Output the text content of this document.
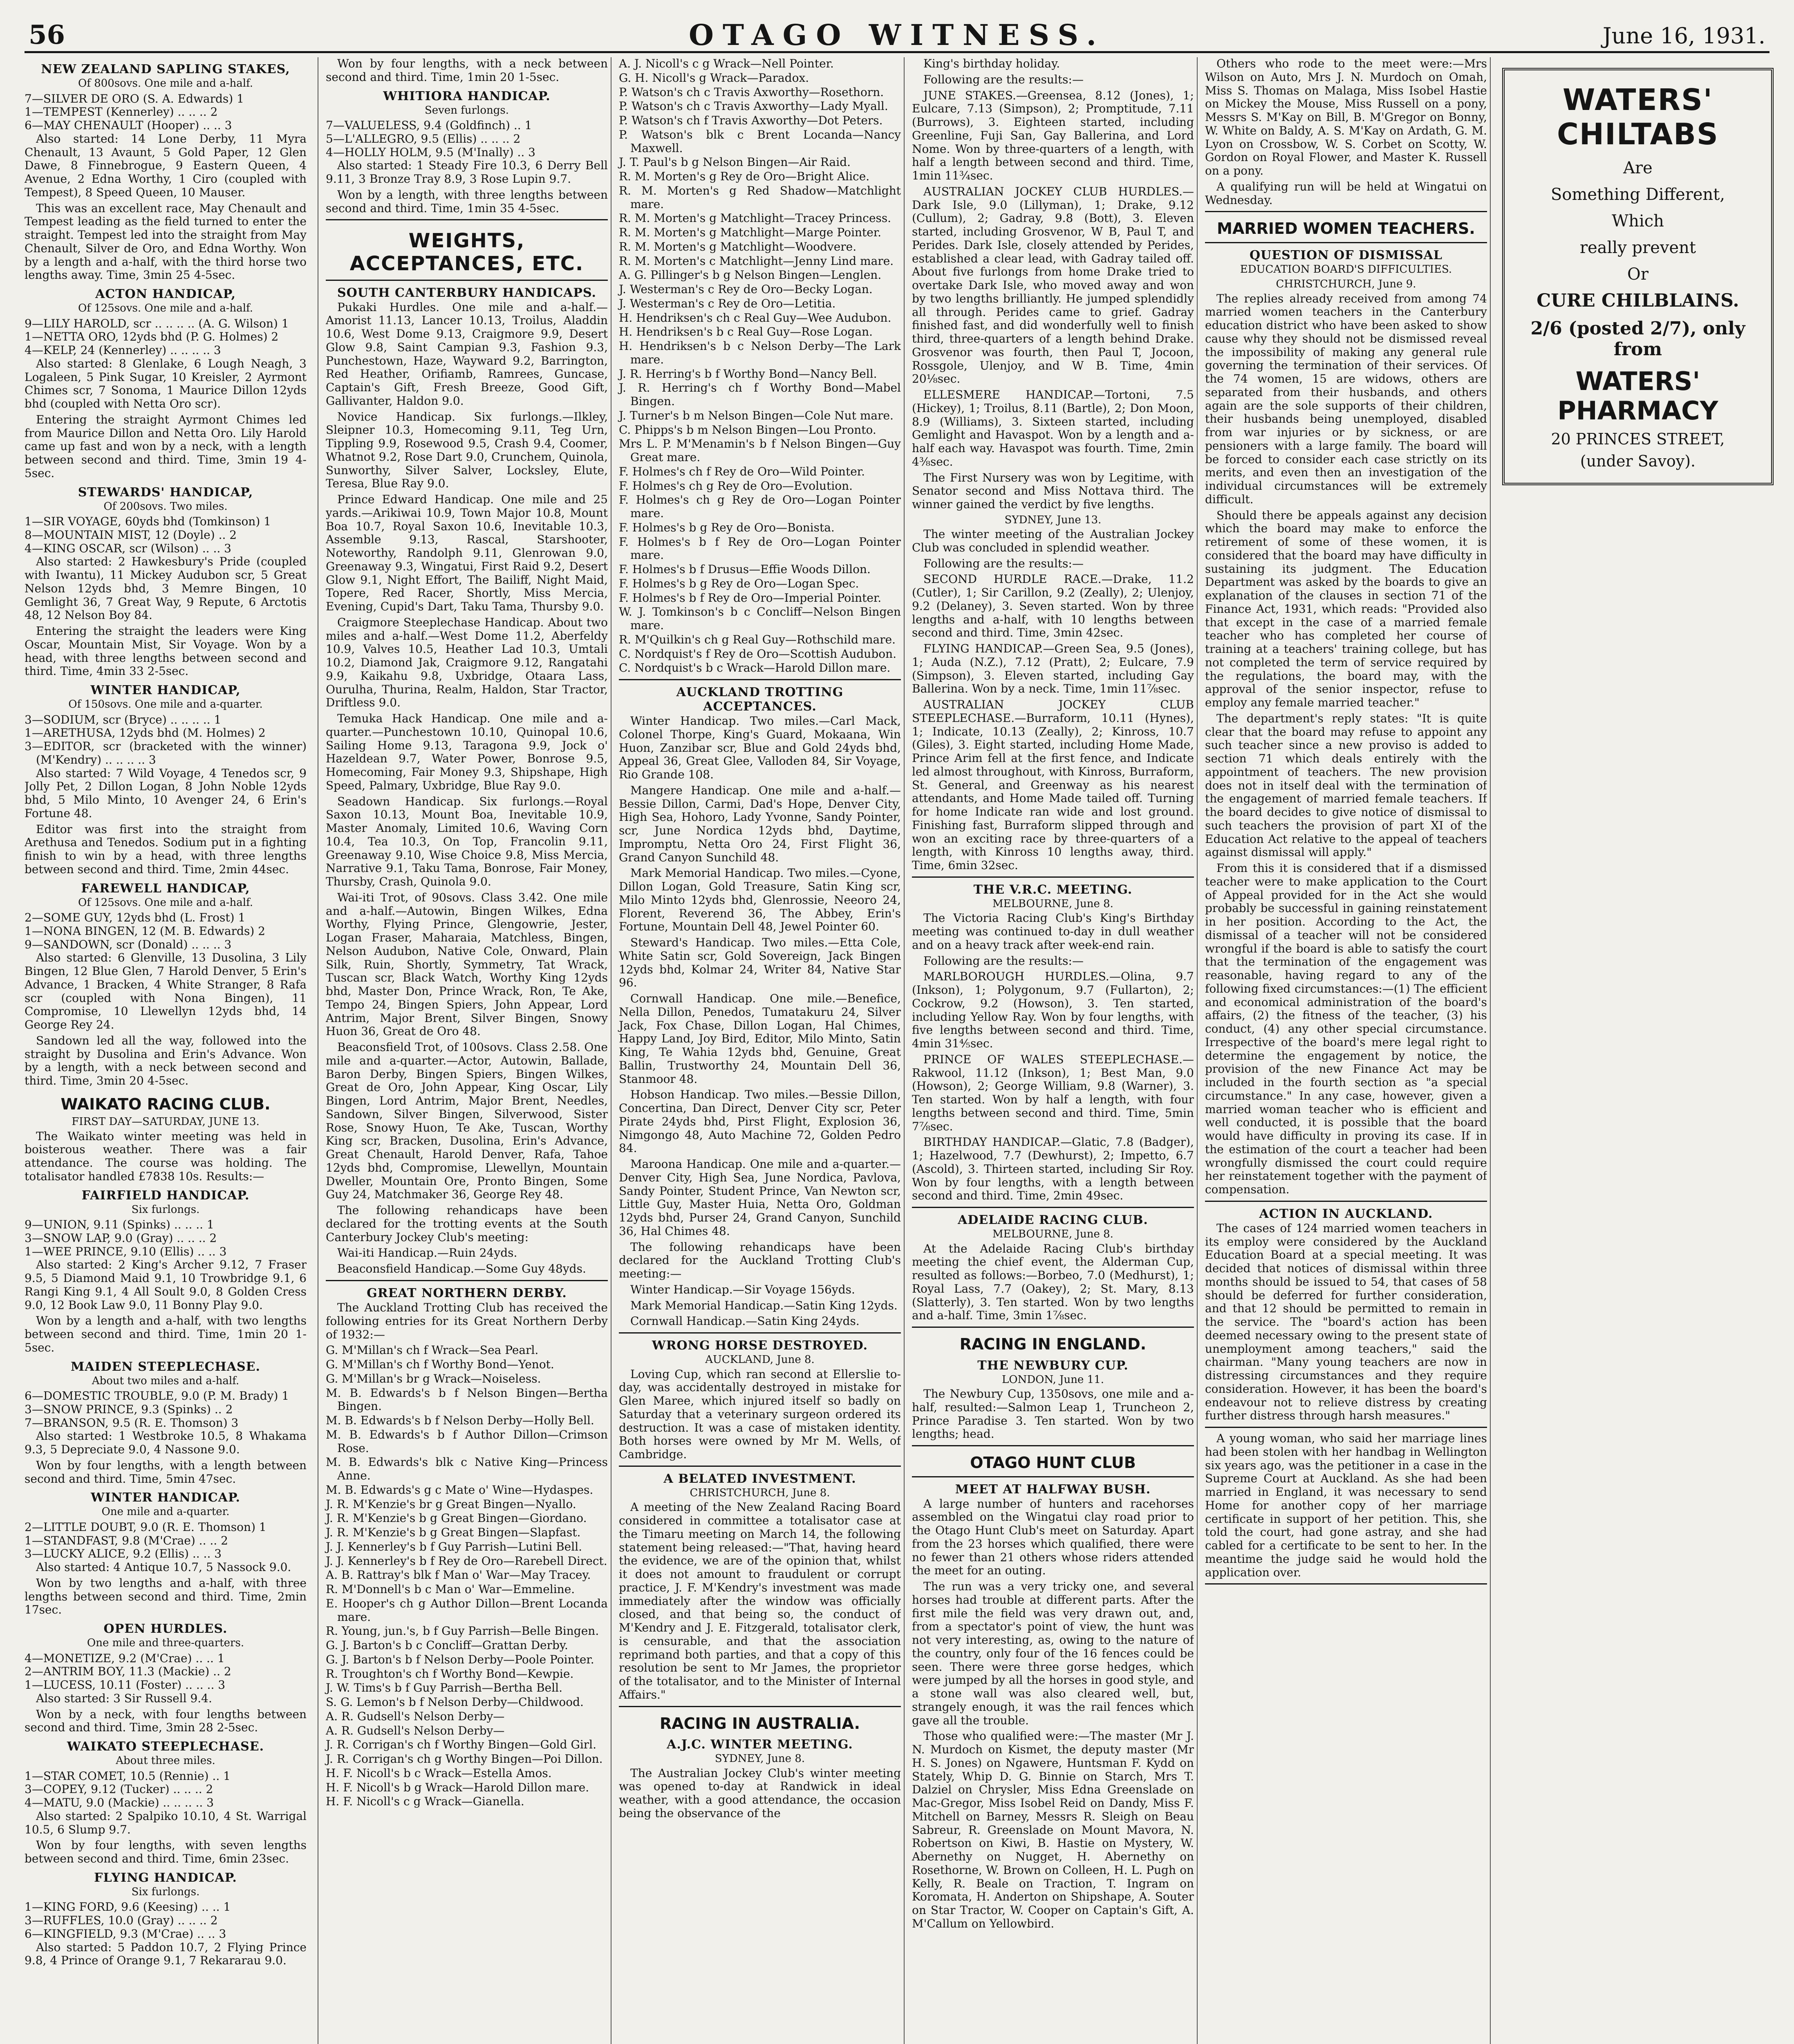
56	OTAGO WITNESS.	June 16, 1931.
NEW ZEALAND SAPLING STAKES,
Of 800sovs. One mile and a-half.
7—SILVER DE ORO (S. A. Edwards) 1
1—TEMPEST (Kennerley) .. .. .. 2
6—MAY CHENAULT (Hooper) .. .. 3

Also started: 14 Lone Derby, 11 Myra Chenault, 13 Avaunt, 5 Gold Paper, 12 Glen Dawe, 8 Finnebrogue, 9 Eastern Queen, 4 Avenue, 2 Edna Worthy, 1 Ciro (coupled with Tempest), 8 Speed Queen, 10 Mauser.

This was an excellent race, May Chenault and Tempest leading as the field turned to enter the straight. Tempest led into the straight from May Chenault, Silver de Oro, and Edna Worthy. Won by a length and a-half, with the third horse two lengths away. Time, 3min 25 4-5sec.

ACTON HANDICAP,
Of 125sovs. One mile and a-half.
9—LILY HAROLD, scr .. .. .. .. (A. G. Wilson) 1
1—NETTA ORO, 12yds bhd (P. G. Holmes) 2
4—KELP, 24 (Kennerley) .. .. .. .. 3

Also started: 8 Glenlake, 6 Lough Neagh, 3 Logaleen, 5 Pink Sugar, 10 Kreisler, 2 Ayrmont Chimes scr, 7 Sonoma, 1 Maurice Dillon 12yds bhd (coupled with Netta Oro scr).

Entering the straight Ayrmont Chimes led from Maurice Dillon and Netta Oro. Lily Harold came up fast and won by a neck, with a length between second and third. Time, 3min 19 4-5sec.

STEWARDS' HANDICAP,
Of 200sovs. Two miles.
1—SIR VOYAGE, 60yds bhd (Tomkinson) 1
8—MOUNTAIN MIST, 12 (Doyle) .. 2
4—KING OSCAR, scr (Wilson) .. .. 3

Also started: 2 Hawkesbury's Pride (coupled with Iwantu), 11 Mickey Audubon scr, 5 Great Nelson 12yds bhd, 3 Memre Bingen, 10 Gemlight 36, 7 Great Way, 9 Repute, 6 Arctotis 48, 12 Nelson Boy 84.

Entering the straight the leaders were King Oscar, Mountain Mist, Sir Voyage. Won by a head, with three lengths between second and third. Time, 4min 33 2-5sec.

WINTER HANDICAP,
Of 150sovs. One mile and a-quarter.
3—SODIUM, scr (Bryce) .. .. .. .. 1
1—ARETHUSA, 12yds bhd (M. Holmes) 2
3—EDITOR, scr (bracketed with the winner) (M'Kendry) .. .. .. .. 3

Also started: 7 Wild Voyage, 4 Tenedos scr, 9 Jolly Pet, 2 Dillon Logan, 8 John Noble 12yds bhd, 5 Milo Minto, 10 Avenger 24, 6 Erin's Fortune 48.

Editor was first into the straight from Arethusa and Tenedos. Sodium put in a fighting finish to win by a head, with three lengths between second and third. Time, 2min 44sec.

FAREWELL HANDICAP,
Of 125sovs. One mile and a-half.
2—SOME GUY, 12yds bhd (L. Frost) 1
1—NONA BINGEN, 12 (M. B. Edwards) 2
9—SANDOWN, scr (Donald) .. .. .. 3

Also started: 6 Glenville, 13 Dusolina, 3 Lily Bingen, 12 Blue Glen, 7 Harold Denver, 5 Erin's Advance, 1 Bracken, 4 White Stranger, 8 Rafa scr (coupled with Nona Bingen), 11 Compromise, 10 Llewellyn 12yds bhd, 14 George Rey 24.

Sandown led all the way, followed into the straight by Dusolina and Erin's Advance. Won by a length, with a neck between second and third. Time, 3min 20 4-5sec.

WAIKATO RACING CLUB.
FIRST DAY—SATURDAY, JUNE 13.

The Waikato winter meeting was held in boisterous weather. There was a fair attendance. The course was holding. The totalisator handled £7838 10s. Results:—

FAIRFIELD HANDICAP.
Six furlongs.
9—UNION, 9.11 (Spinks) .. .. .. 1
3—SNOW LAP, 9.0 (Gray) .. .. .. 2
1—WEE PRINCE, 9.10 (Ellis) .. .. 3

Also started: 2 King's Archer 9.12, 7 Fraser 9.5, 5 Diamond Maid 9.1, 10 Trowbridge 9.1, 6 Rangi King 9.1, 4 All Soult 9.0, 8 Golden Cress 9.0, 12 Book Law 9.0, 11 Bonny Play 9.0.

Won by a length and a-half, with two lengths between second and third. Time, 1min 20 1-5sec.

MAIDEN STEEPLECHASE.
About two miles and a-half.
6—DOMESTIC TROUBLE, 9.0 (P. M. Brady) 1
3—SNOW PRINCE, 9.3 (Spinks) .. 2
7—BRANSON, 9.5 (R. E. Thomson) 3

Also started: 1 Westbroke 10.5, 8 Whakama 9.3, 5 Depreciate 9.0, 4 Nassone 9.0.

Won by four lengths, with a length between second and third. Time, 5min 47sec.

WINTER HANDICAP.
One mile and a-quarter.
2—LITTLE DOUBT, 9.0 (R. E. Thomson) 1
1—STANDFAST, 9.8 (M'Crae) .. .. 2
3—LUCKY ALICE, 9.2 (Ellis) .. .. 3

Also started: 4 Antique 10.7, 5 Nassock 9.0.

Won by two lengths and a-half, with three lengths between second and third. Time, 2min 17sec.

OPEN HURDLES.
One mile and three-quarters.
4—MONETIZE, 9.2 (M'Crae) .. .. 1
2—ANTRIM BOY, 11.3 (Mackie) .. 2
1—LUCESS, 10.11 (Foster) .. .. .. 3

Also started: 3 Sir Russell 9.4.

Won by a neck, with four lengths between second and third. Time, 3min 28 2-5sec.

WAIKATO STEEPLECHASE.
About three miles.
1—STAR COMET, 10.5 (Rennie) .. 1
3—COPEY, 9.12 (Tucker) .. .. .. 2
4—MATU, 9.0 (Mackie) .. .. .. .. 3

Also started: 2 Spalpiko 10.10, 4 St. Warrigal 10.5, 6 Slump 9.7.

Won by four lengths, with seven lengths between second and third. Time, 6min 23sec.

FLYING HANDICAP.
Six furlongs.
1—KING FORD, 9.6 (Keesing) .. .. 1
3—RUFFLES, 10.0 (Gray) .. .. .. 2
6—KINGFIELD, 9.3 (M'Crae) .. .. 3

Also started: 5 Paddon 10.7, 2 Flying Prince 9.8, 4 Prince of Orange 9.1, 7 Rekararau 9.0.

Won by four lengths, with a neck between second and third. Time, 1min 20 1-5sec.

WHITIORA HANDICAP.
Seven furlongs.
7—VALUELESS, 9.4 (Goldfinch) .. 1
5—L'ALLEGRO, 9.5 (Ellis) .. .. .. 2
4—HOLLY HOLM, 9.5 (M'Inally) .. 3

Also started: 1 Steady Fire 10.3, 6 Derry Bell 9.11, 3 Bronze Tray 8.9, 3 Rose Lupin 9.7.

Won by a length, with three lengths between second and third. Time, 1min 35 4-5sec.

WEIGHTS, ACCEPTANCES, ETC.
SOUTH CANTERBURY HANDICAPS.

Pukaki Hurdles. One mile and a-half.—Amorist 11.13, Lancer 10.13, Troilus, Aladdin 10.6, West Dome 9.13, Craigmore 9.9, Desert Glow 9.8, Saint Campian 9.3, Fashion 9.3, Punchestown, Haze, Wayward 9.2, Barrington, Red Heather, Orifiamb, Ramrees, Guncase, Captain's Gift, Fresh Breeze, Good Gift, Gallivanter, Haldon 9.0.

Novice Handicap. Six furlongs.—Ilkley, Sleipner 10.3, Homecoming 9.11, Teg Urn, Tippling 9.9, Rosewood 9.5, Crash 9.4, Coomer, Whatnot 9.2, Rose Dart 9.0, Crunchem, Quinola, Sunworthy, Silver Salver, Locksley, Elute, Teresa, Blue Ray 9.0.

Prince Edward Handicap. One mile and 25 yards.—Arikiwai 10.9, Town Major 10.8, Mount Boa 10.7, Royal Saxon 10.6, Inevitable 10.3, Assemble 9.13, Rascal, Starshooter, Noteworthy, Randolph 9.11, Glenrowan 9.0, Greenaway 9.3, Wingatui, First Raid 9.2, Desert Glow 9.1, Night Effort, The Bailiff, Night Maid, Topere, Red Racer, Shortly, Miss Mercia, Evening, Cupid's Dart, Taku Tama, Thursby 9.0.

Craigmore Steeplechase Handicap. About two miles and a-half.—West Dome 11.2, Aberfeldy 10.9, Valves 10.5, Heather Lad 10.3, Umtali 10.2, Diamond Jak, Craigmore 9.12, Rangatahi 9.9, Kaikahu 9.8, Uxbridge, Otaara Lass, Ourulha, Thurina, Realm, Haldon, Star Tractor, Driftless 9.0.

Temuka Hack Handicap. One mile and a-quarter.—Punchestown 10.10, Quinopal 10.6, Sailing Home 9.13, Taragona 9.9, Jock o' Hazeldean 9.7, Water Power, Bonrose 9.5, Homecoming, Fair Money 9.3, Shipshape, High Speed, Palmary, Uxbridge, Blue Ray 9.0.

Seadown Handicap. Six furlongs.—Royal Saxon 10.13, Mount Boa, Inevitable 10.9, Master Anomaly, Limited 10.6, Waving Corn 10.4, Tea 10.3, On Top, Francolin 9.11, Greenaway 9.10, Wise Choice 9.8, Miss Mercia, Narrative 9.1, Taku Tama, Bonrose, Fair Money, Thursby, Crash, Quinola 9.0.

Wai-iti Trot, of 90sovs. Class 3.42. One mile and a-half.—Autowin, Bingen Wilkes, Edna Worthy, Flying Prince, Glengowrie, Jester, Logan Fraser, Maharaia, Matchless, Bingen, Nelson Audubon, Native Cole, Onward, Plain Silk, Ruin, Shortly, Symmetry, Tat Wrack, Tuscan scr, Black Watch, Worthy King 12yds bhd, Master Don, Prince Wrack, Ron, Te Ake, Tempo 24, Bingen Spiers, John Appear, Lord Antrim, Major Brent, Silver Bingen, Snowy Huon 36, Great de Oro 48.

Beaconsfield Trot, of 100sovs. Class 2.58. One mile and a-quarter.—Actor, Autowin, Ballade, Baron Derby, Bingen Spiers, Bingen Wilkes, Great de Oro, John Appear, King Oscar, Lily Bingen, Lord Antrim, Major Brent, Needles, Sandown, Silver Bingen, Silverwood, Sister Rose, Snowy Huon, Te Ake, Tuscan, Worthy King scr, Bracken, Dusolina, Erin's Advance, Great Chenault, Harold Denver, Rafa, Tahoe 12yds bhd, Compromise, Llewellyn, Mountain Dweller, Mountain Ore, Pronto Bingen, Some Guy 24, Matchmaker 36, George Rey 48.

The following rehandicaps have been declared for the trotting events at the South Canterbury Jockey Club's meeting:

Wai-iti Handicap.—Ruin 24yds.

Beaconsfield Handicap.—Some Guy 48yds.

GREAT NORTHERN DERBY.

The Auckland Trotting Club has received the following entries for its Great Northern Derby of 1932:—

G. M'Millan's ch f Wrack—Sea Pearl.

G. M'Millan's ch f Worthy Bond—Yenot.

G. M'Millan's br g Wrack—Noiseless.

M. B. Edwards's b f Nelson Bingen—Bertha Bingen.

M. B. Edwards's b f Nelson Derby—Holly Bell.

M. B. Edwards's b f Author Dillon—Crimson Rose.

M. B. Edwards's blk c Native King—Princess Anne.

M. B. Edwards's g c Mate o' Wine—Hydaspes.

J. R. M'Kenzie's br g Great Bingen—Nyallo.

J. R. M'Kenzie's b g Great Bingen—Giordano.

J. R. M'Kenzie's b g Great Bingen—Slapfast.

J. J. Kennerley's b f Guy Parrish—Lutini Bell.

J. J. Kennerley's b f Rey de Oro—Rarebell Direct.

A. B. Rattray's blk f Man o' War—May Tracey.

R. M'Donnell's b c Man o' War—Emmeline.

E. Hooper's ch g Author Dillon—Brent Locanda mare.

R. Young, jun.'s, b f Guy Parrish—Belle Bingen.

G. J. Barton's b c Concliff—Grattan Derby.

G. J. Barton's b f Nelson Derby—Poole Pointer.

R. Troughton's ch f Worthy Bond—Kewpie.

J. W. Tims's b f Guy Parrish—Bertha Bell.

S. G. Lemon's b f Nelson Derby—Childwood.

A. R. Gudsell's Nelson Derby—

A. R. Gudsell's Nelson Derby—

J. R. Corrigan's ch f Worthy Bingen—Gold Girl.

J. R. Corrigan's ch g Worthy Bingen—Poi Dillon.

H. F. Nicoll's b c Wrack—Estella Amos.

H. F. Nicoll's b g Wrack—Harold Dillon mare.

H. F. Nicoll's c g Wrack—Gianella.

A. J. Nicoll's c g Wrack—Nell Pointer.

G. H. Nicoll's g Wrack—Paradox.

P. Watson's ch c Travis Axworthy—Rosethorn.

P. Watson's ch c Travis Axworthy—Lady Myall.

P. Watson's ch f Travis Axworthy—Dot Peters.

P. Watson's blk c Brent Locanda—Nancy Maxwell.

J. T. Paul's b g Nelson Bingen—Air Raid.

R. M. Morten's g Rey de Oro—Bright Alice.

R. M. Morten's g Red Shadow—Matchlight mare.

R. M. Morten's g Matchlight—Tracey Princess.

R. M. Morten's g Matchlight—Marge Pointer.

R. M. Morten's g Matchlight—Woodvere.

R. M. Morten's c Matchlight—Jenny Lind mare.

A. G. Pillinger's b g Nelson Bingen—Lenglen.

J. Westerman's c Rey de Oro—Becky Logan.

J. Westerman's c Rey de Oro—Letitia.

H. Hendriksen's ch c Real Guy—Wee Audubon.

H. Hendriksen's b c Real Guy—Rose Logan.

H. Hendriksen's b c Nelson Derby—The Lark mare.

J. R. Herring's b f Worthy Bond—Nancy Bell.

J. R. Herring's ch f Worthy Bond—Mabel Bingen.

J. Turner's b m Nelson Bingen—Cole Nut mare.

C. Phipps's b m Nelson Bingen—Lou Pronto.

Mrs L. P. M'Menamin's b f Nelson Bingen—Guy Great mare.

F. Holmes's ch f Rey de Oro—Wild Pointer.

F. Holmes's ch g Rey de Oro—Evolution.

F. Holmes's ch g Rey de Oro—Logan Pointer mare.

F. Holmes's b g Rey de Oro—Bonista.

F. Holmes's b f Rey de Oro—Logan Pointer mare.

F. Holmes's b f Drusus—Effie Woods Dillon.

F. Holmes's b g Rey de Oro—Logan Spec.

F. Holmes's b f Rey de Oro—Imperial Pointer.

W. J. Tomkinson's b c Concliff—Nelson Bingen mare.

R. M'Quilkin's ch g Real Guy—Rothschild mare.

C. Nordquist's f Rey de Oro—Scottish Audubon.

C. Nordquist's b c Wrack—Harold Dillon mare.

AUCKLAND TROTTING ACCEPTANCES.

Winter Handicap. Two miles.—Carl Mack, Colonel Thorpe, King's Guard, Mokaana, Win Huon, Zanzibar scr, Blue and Gold 24yds bhd, Appeal 36, Great Glee, Valloden 84, Sir Voyage, Rio Grande 108.

Mangere Handicap. One mile and a-half.—Bessie Dillon, Carmi, Dad's Hope, Denver City, High Sea, Hohoro, Lady Yvonne, Sandy Pointer, scr, June Nordica 12yds bhd, Daytime, Impromptu, Netta Oro 24, First Flight 36, Grand Canyon Sunchild 48.

Mark Memorial Handicap. Two miles.—Cyone, Dillon Logan, Gold Treasure, Satin King scr, Milo Minto 12yds bhd, Glenrossie, Neeoro 24, Florent, Reverend 36, The Abbey, Erin's Fortune, Mountain Dell 48, Jewel Pointer 60.

Steward's Handicap. Two miles.—Etta Cole, White Satin scr, Gold Sovereign, Jack Bingen 12yds bhd, Kolmar 24, Writer 84, Native Star 96.

Cornwall Handicap. One mile.—Benefice, Nella Dillon, Penedos, Tumatakuru 24, Silver Jack, Fox Chase, Dillon Logan, Hal Chimes, Happy Land, Joy Bird, Editor, Milo Minto, Satin King, Te Wahia 12yds bhd, Genuine, Great Ballin, Trustworthy 24, Mountain Dell 36, Stanmoor 48.

Hobson Handicap. Two miles.—Bessie Dillon, Concertina, Dan Direct, Denver City scr, Peter Pirate 24yds bhd, Pirst Flight, Explosion 36, Nimgongo 48, Auto Machine 72, Golden Pedro 84.

Maroona Handicap. One mile and a-quarter.—Denver City, High Sea, June Nordica, Pavlova, Sandy Pointer, Student Prince, Van Newton scr, Little Guy, Master Huia, Netta Oro, Goldman 12yds bhd, Purser 24, Grand Canyon, Sunchild 36, Hal Chimes 48.

The following rehandicaps have been declared for the Auckland Trotting Club's meeting:—

Winter Handicap.—Sir Voyage 156yds.

Mark Memorial Handicap.—Satin King 12yds.

Cornwall Handicap.—Satin King 24yds.

WRONG HORSE DESTROYED.
AUCKLAND, June 8.

Loving Cup, which ran second at Ellerslie to-day, was accidentally destroyed in mistake for Glen Maree, which injured itself so badly on Saturday that a veterinary surgeon ordered its destruction. It was a case of mistaken identity. Both horses were owned by Mr M. Wells, of Cambridge.

A BELATED INVESTMENT.
CHRISTCHURCH, June 8.

A meeting of the New Zealand Racing Board considered in committee a totalisator case at the Timaru meeting on March 14, the following statement being released:—"That, having heard the evidence, we are of the opinion that, whilst it does not amount to fraudulent or corrupt practice, J. F. M'Kendry's investment was made immediately after the window was officially closed, and that being so, the conduct of M'Kendry and J. E. Fitzgerald, totalisator clerk, is censurable, and that the association reprimand both parties, and that a copy of this resolution be sent to Mr James, the proprietor of the totalisator, and to the Minister of Internal Affairs."

RACING IN AUSTRALIA.
A.J.C. WINTER MEETING.
SYDNEY, June 8.

The Australian Jockey Club's winter meeting was opened to-day at Randwick in ideal weather, with a good attendance, the occasion being the observance of the

King's birthday holiday.

Following are the results:—

JUNE STAKES.—Greensea, 8.12 (Jones), 1; Eulcare, 7.13 (Simpson), 2; Promptitude, 7.11 (Burrows), 3. Eighteen started, including Greenline, Fuji San, Gay Ballerina, and Lord Nome. Won by three-quarters of a length, with half a length between second and third. Time, 1min 11¾sec.

AUSTRALIAN JOCKEY CLUB HURDLES.—Dark Isle, 9.0 (Lillyman), 1; Drake, 9.12 (Cullum), 2; Gadray, 9.8 (Bott), 3. Eleven started, including Grosvenor, W B, Paul T, and Perides. Dark Isle, closely attended by Perides, established a clear lead, with Gadray tailed off. About five furlongs from home Drake tried to overtake Dark Isle, who moved away and won by two lengths brilliantly. He jumped splendidly all through. Perides came to grief. Gadray finished fast, and did wonderfully well to finish third, three-quarters of a length behind Drake. Grosvenor was fourth, then Paul T, Jocoon, Rossgole, Ulenjoy, and W B. Time, 4min 20⅛sec.

ELLESMERE HANDICAP.—Tortoni, 7.5 (Hickey), 1; Troilus, 8.11 (Bartle), 2; Don Moon, 8.9 (Williams), 3. Sixteen started, including Gemlight and Havaspot. Won by a length and a-half each way. Havaspot was fourth. Time, 2min 4⅜sec.

The First Nursery was won by Legitime, with Senator second and Miss Nottava third. The winner gained the verdict by five lengths.

SYDNEY, June 13.

The winter meeting of the Australian Jockey Club was concluded in splendid weather.

Following are the results:—

SECOND HURDLE RACE.—Drake, 11.2 (Cutler), 1; Sir Carillon, 9.2 (Zeally), 2; Ulenjoy, 9.2 (Delaney), 3. Seven started. Won by three lengths and a-half, with 10 lengths between second and third. Time, 3min 42sec.

FLYING HANDICAP.—Green Sea, 9.5 (Jones), 1; Auda (N.Z.), 7.12 (Pratt), 2; Eulcare, 7.9 (Simpson), 3. Eleven started, including Gay Ballerina. Won by a neck. Time, 1min 11⅞sec.

AUSTRALIAN JOCKEY CLUB STEEPLECHASE.—Burraform, 10.11 (Hynes), 1; Indicate, 10.13 (Zeally), 2; Kinross, 10.7 (Giles), 3. Eight started, including Home Made, Prince Arim fell at the first fence, and Indicate led almost throughout, with Kinross, Burraform, St. General, and Greenway as his nearest attendants, and Home Made tailed off. Turning for home Indicate ran wide and lost ground. Finishing fast, Burraform slipped through and won an exciting race by three-quarters of a length, with Kinross 10 lengths away, third. Time, 6min 32sec.

THE V.R.C. MEETING.
MELBOURNE, June 8.

The Victoria Racing Club's King's Birthday meeting was continued to-day in dull weather and on a heavy track after week-end rain.

Following are the results:—

MARLBOROUGH HURDLES.—Olina, 9.7 (Inkson), 1; Polygonum, 9.7 (Fullarton), 2; Cockrow, 9.2 (Howson), 3. Ten started, including Yellow Ray. Won by four lengths, with five lengths between second and third. Time, 4min 31⅘sec.

PRINCE OF WALES STEEPLECHASE.—Rakwool, 11.12 (Inkson), 1; Best Man, 9.0 (Howson), 2; George William, 9.8 (Warner), 3. Ten started. Won by half a length, with four lengths between second and third. Time, 5min 7⅞sec.

BIRTHDAY HANDICAP.—Glatic, 7.8 (Badger), 1; Hazelwood, 7.7 (Dewhurst), 2; Impetto, 6.7 (Ascold), 3. Thirteen started, including Sir Roy. Won by four lengths, with a length between second and third. Time, 2min 49sec.

ADELAIDE RACING CLUB.
MELBOURNE, June 8.

At the Adelaide Racing Club's birthday meeting the chief event, the Alderman Cup, resulted as follows:—Borbeo, 7.0 (Medhurst), 1; Royal Lass, 7.7 (Oakey), 2; St. Mary, 8.13 (Slatterly), 3. Ten started. Won by two lengths and a-half. Time, 3min 1⅞sec.

RACING IN ENGLAND.
THE NEWBURY CUP.
LONDON, June 11.

The Newbury Cup, 1350sovs, one mile and a-half, resulted:—Salmon Leap 1, Truncheon 2, Prince Paradise 3. Ten started. Won by two lengths; head.

OTAGO HUNT CLUB
MEET AT HALFWAY BUSH.

A large number of hunters and racehorses assembled on the Wingatui clay road prior to the Otago Hunt Club's meet on Saturday. Apart from the 23 horses which qualified, there were no fewer than 21 others whose riders attended the meet for an outing.

The run was a very tricky one, and several horses had trouble at different parts. After the first mile the field was very drawn out, and, from a spectator's point of view, the hunt was not very interesting, as, owing to the nature of the country, only four of the 16 fences could be seen. There were three gorse hedges, which were jumped by all the horses in good style, and a stone wall was also cleared well, but, strangely enough, it was the rail fences which gave all the trouble.

Those who qualified were:—The master (Mr J. N. Murdoch on Kismet, the deputy master (Mr H. S. Jones) on Ngawere, Huntsman F. Kydd on Stately, Whip D. G. Binnie on Starch, Mrs T. Dalziel on Chrysler, Miss Edna Greenslade on Mac-Gregor, Miss Isobel Reid on Dandy, Miss F. Mitchell on Barney, Messrs R. Sleigh on Beau Sabreur, R. Greenslade on Mount Mavora, N. Robertson on Kiwi, B. Hastie on Mystery, W. Abernethy on Nugget, H. Abernethy on Rosethorne, W. Brown on Colleen, H. L. Pugh on Kelly, R. Beale on Traction, T. Ingram on Koromata, H. Anderton on Shipshape, A. Souter on Star Tractor, W. Cooper on Captain's Gift, A. M'Callum on Yellowbird.

Others who rode to the meet were:—Mrs Wilson on Auto, Mrs J. N. Murdoch on Omah, Miss S. Thomas on Malaga, Miss Isobel Hastie on Mickey the Mouse, Miss Russell on a pony, Messrs S. M'Kay on Bill, B. M'Gregor on Bonny, W. White on Baldy, A. S. M'Kay on Ardath, G. M. Lyon on Crossbow, W. S. Corbet on Scotty, W. Gordon on Royal Flower, and Master K. Russell on a pony.

A qualifying run will be held at Wingatui on Wednesday.

MARRIED WOMEN TEACHERS.
QUESTION OF DISMISSAL
EDUCATION BOARD'S DIFFICULTIES.
CHRISTCHURCH, June 9.

The replies already received from among 74 married women teachers in the Canterbury education district who have been asked to show cause why they should not be dismissed reveal the impossibility of making any general rule governing the termination of their services. Of the 74 women, 15 are widows, others are separated from their husbands, and others again are the sole supports of their children, their husbands being unemployed, disabled from war injuries or by sickness, or are pensioners with a large family. The board will be forced to consider each case strictly on its merits, and even then an investigation of the individual circumstances will be extremely difficult.

Should there be appeals against any decision which the board may make to enforce the retirement of some of these women, it is considered that the board may have difficulty in sustaining its judgment. The Education Department was asked by the boards to give an explanation of the clauses in section 71 of the Finance Act, 1931, which reads: "Provided also that except in the case of a married female teacher who has completed her course of training at a teachers' training college, but has not completed the term of service required by the regulations, the board may, with the approval of the senior inspector, refuse to employ any female married teacher."

The department's reply states: "It is quite clear that the board may refuse to appoint any such teacher since a new proviso is added to section 71 which deals entirely with the appointment of teachers. The new provision does not in itself deal with the termination of the engagement of married female teachers. If the board decides to give notice of dismissal to such teachers the provision of part XI of the Education Act relative to the appeal of teachers against dismissal will apply."

From this it is considered that if a dismissed teacher were to make application to the Court of Appeal provided for in the Act she would probably be successful in gaining reinstatement in her position. According to the Act, the dismissal of a teacher will not be considered wrongful if the board is able to satisfy the court that the termination of the engagement was reasonable, having regard to any of the following fixed circumstances:—(1) The efficient and economical administration of the board's affairs, (2) the fitness of the teacher, (3) his conduct, (4) any other special circumstance. Irrespective of the board's mere legal right to determine the engagement by notice, the provision of the new Finance Act may be included in the fourth section as "a special circumstance." In any case, however, given a married woman teacher who is efficient and well conducted, it is possible that the board would have difficulty in proving its case. If in the estimation of the court a teacher had been wrongfully dismissed the court could require her reinstatement together with the payment of compensation.

ACTION IN AUCKLAND.

The cases of 124 married women teachers in its employ were considered by the Auckland Education Board at a special meeting. It was decided that notices of dismissal within three months should be issued to 54, that cases of 58 should be deferred for further consideration, and that 12 should be permitted to remain in the service. The "board's action has been deemed necessary owing to the present state of unemployment among teachers," said the chairman. "Many young teachers are now in distressing circumstances and they require consideration. However, it has been the board's endeavour not to relieve distress by creating further distress through harsh measures."

A young woman, who said her marriage lines had been stolen with her handbag in Wellington six years ago, was the petitioner in a case in the Supreme Court at Auckland. As she had been married in England, it was necessary to send Home for another copy of her marriage certificate in support of her petition. This, she told the court, had gone astray, and she had cabled for a certificate to be sent to her. In the meantime the judge said he would hold the application over.

WATERS' CHILTABS
Are
Something Different,
Which
really prevent
Or
CURE CHILBLAINS.
2/6 (posted 2/7), only from
WATERS' PHARMACY
20 PRINCES STREET,
(under Savoy).
